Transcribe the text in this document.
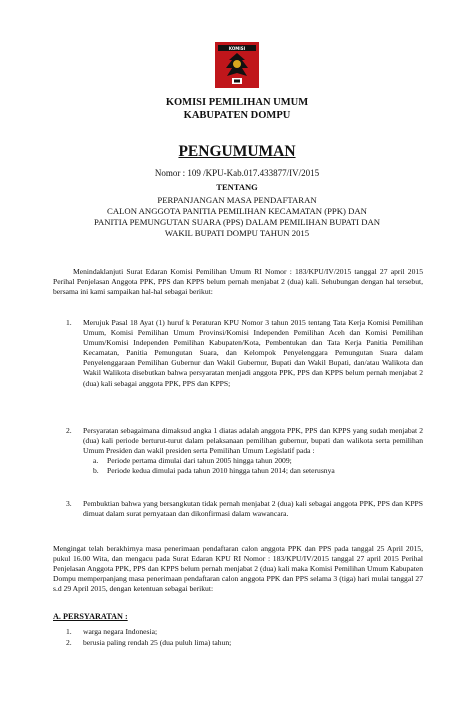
KOMISI
KOMISI PEMILIHAN UMUM
KABUPATEN DOMPU
PENGUMUMAN
Nomor : 109 /KPU-Kab.017.433877/IV/2015
TENTANG
PERPANJANGAN MASA PENDAFTARAN
CALON ANGGOTA PANITIA PEMILIHAN KECAMATAN (PPK) DAN
PANITIA PEMUNGUTAN SUARA (PPS) DALAM PEMILIHAN BUPATI DAN
WAKIL BUPATI DOMPU TAHUN 2015
Menindaklanjuti Surat Edaran Komisi Pemilihan Umum RI Nomor : 183/KPU/IV/2015 tanggal 27 april 2015 Perihal Penjelasan Anggota PPK, PPS dan KPPS belum pernah menjabat 2 (dua) kali. Sehubungan dengan hal tersebut, bersama ini kami sampaikan hal-hal sebagai berikut:
1. Merujuk Pasal 18 Ayat (1) huruf k Peraturan KPU Nomor 3 tahun 2015 tentang Tata Kerja Komisi Pemilihan Umum, Komisi Pemilihan Umum Provinsi/Komisi Independen Pemilihan Aceh dan Komisi Pemilihan Umum/Komisi Independen Pemilihan Kabupaten/Kota, Pembentukan dan Tata Kerja Panitia Pemilihan Kecamatan, Panitia Pemungutan Suara, dan Kelompok Penyelenggara Pemungutan Suara dalam Penyelenggaraan Pemilihan Gubernur dan Wakil Gubernur, Bupati dan Wakil Bupati, dan/atau Walikota dan Wakil Walikota disebutkan bahwa persyaratan menjadi anggota PPK, PPS dan KPPS belum pernah menjabat 2 (dua) kali sebagai anggota PPK, PPS dan KPPS;
2. Persyaratan sebagaimana dimaksud angka 1 diatas adalah anggota PPK, PPS dan KPPS yang sudah menjabat 2 (dua) kali periode berturut-turut dalam pelaksanaan pemilihan gubernur, bupati dan walikota serta pemilihan Umum Presiden dan wakil presiden serta Pemilihan Umum Legislatif pada :
a. Periode pertama dimulai dari tahun 2005 hingga tahun 2009;
b. Periode kedua dimulai pada tahun 2010 hingga tahun 2014; dan seterusnya
3. Pembuktian bahwa yang bersangkutan tidak pernah menjabat 2 (dua) kali sebagai anggota PPK, PPS dan KPPS dimuat dalam surat pernyataan dan dikonfirmasi dalam wawancara.
Mengingat telah berakhirnya masa penerimaan pendaftaran calon anggota PPK dan PPS pada tanggal 25 April 2015, pukul 16.00 Wita, dan mengacu pada Surat Edaran KPU RI Nomor : 183/KPU/IV/2015 tanggal 27 april 2015 Perihal Penjelasan Anggota PPK, PPS dan KPPS belum pernah menjabat 2 (dua) kali maka Komisi Pemilihan Umum Kabupaten Dompu memperpanjang masa penerimaan pendaftaran calon anggota PPK dan PPS selama 3 (tiga) hari mulai tanggal 27 s.d 29 April 2015, dengan ketentuan sebagai berikut:
A. PERSYARATAN :
1. warga negara Indonesia;
2. berusia paling rendah 25 (dua puluh lima) tahun;
